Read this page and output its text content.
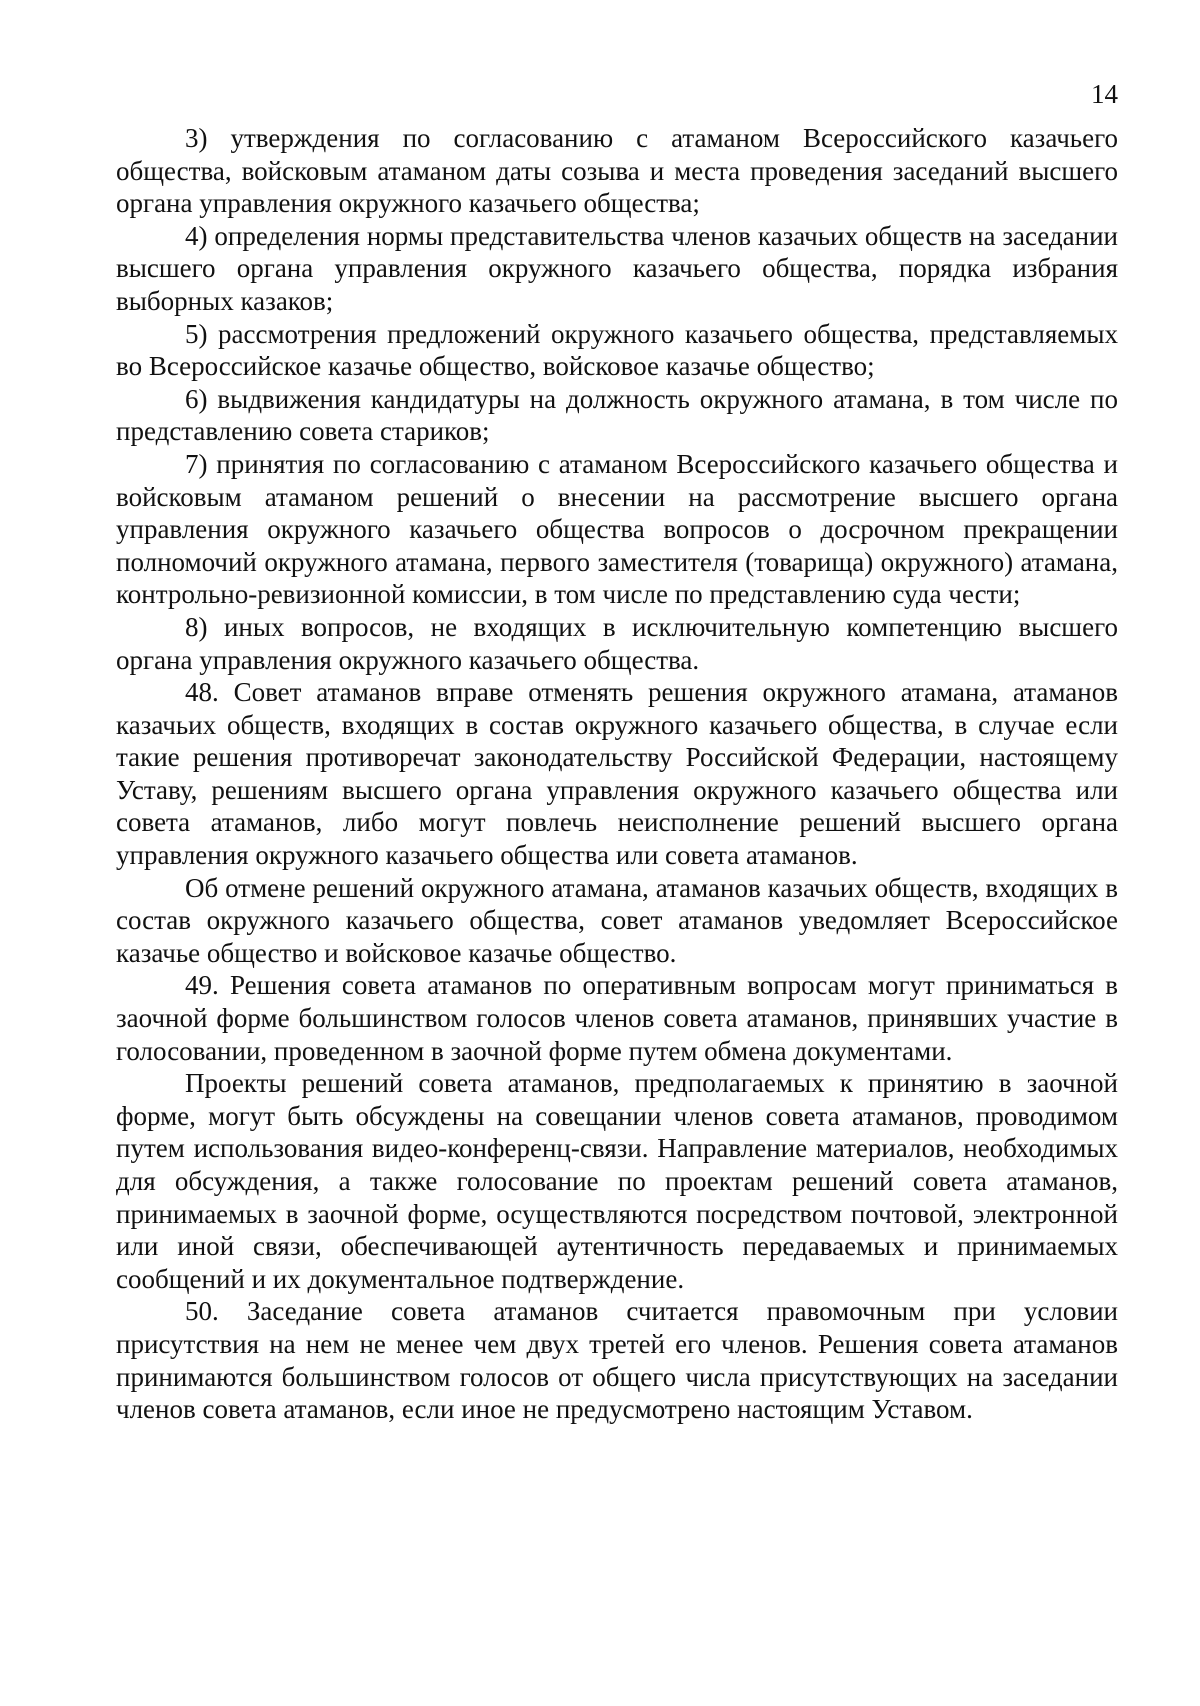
14

3) утверждения по согласованию с атаманом Всероссийского казачьего общества, войсковым атаманом даты созыва и места проведения заседаний высшего органа управления окружного казачьего общества;

4) определения нормы представительства членов казачьих обществ на заседании высшего органа управления окружного казачьего общества, порядка избрания выборных казаков;

5) рассмотрения предложений окружного казачьего общества, представляемых во Всероссийское казачье общество, войсковое казачье общество;

6) выдвижения кандидатуры на должность окружного атамана, в том числе по представлению совета стариков;

7) принятия по согласованию с атаманом Всероссийского казачьего общества и войсковым атаманом решений о внесении на рассмотрение высшего органа управления окружного казачьего общества вопросов о досрочном прекращении полномочий окружного атамана, первого заместителя (товарища) окружного) атамана, контрольно-ревизионной комиссии, в том числе по представлению суда чести;

8) иных вопросов, не входящих в исключительную компетенцию высшего органа управления окружного казачьего общества.

48. Совет атаманов вправе отменять решения окружного атамана, атаманов казачьих обществ, входящих в состав окружного казачьего общества, в случае если такие решения противоречат законодательству Российской Федерации, настоящему Уставу, решениям высшего органа управления окружного казачьего общества или совета атаманов, либо могут повлечь неисполнение решений высшего органа управления окружного казачьего общества или совета атаманов.

Об отмене решений окружного атамана, атаманов казачьих обществ, входящих в состав окружного казачьего общества, совет атаманов уведомляет Всероссийское казачье общество и войсковое казачье общество.

49. Решения совета атаманов по оперативным вопросам могут приниматься в заочной форме большинством голосов членов совета атаманов, принявших участие в голосовании, проведенном в заочной форме путем обмена документами.

Проекты решений совета атаманов, предполагаемых к принятию в заочной форме, могут быть обсуждены на совещании членов совета атаманов, проводимом путем использования видео-конференц-связи. Направление материалов, необходимых для обсуждения, а также голосование по проектам решений совета атаманов, принимаемых в заочной форме, осуществляются посредством почтовой, электронной или иной связи, обеспечивающей аутентичность передаваемых и принимаемых сообщений и их документальное подтверждение.

50. Заседание совета атаманов считается правомочным при условии присутствия на нем не менее чем двух третей его членов. Решения совета атаманов принимаются большинством голосов от общего числа присутствующих на заседании членов совета атаманов, если иное не предусмотрено настоящим Уставом.
